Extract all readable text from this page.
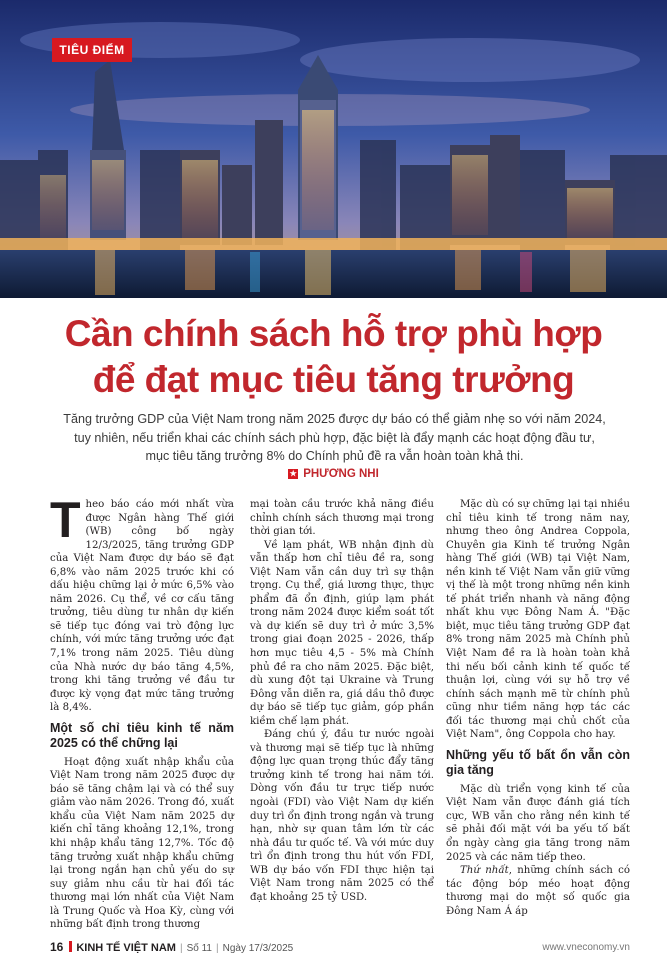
TIÊU ĐIỂM
Cần chính sách hỗ trợ phù hợp
để đạt mục tiêu tăng trưởng

Tăng trưởng GDP của Việt Nam trong năm 2025 được dự báo có thể giảm nhẹ so với năm 2024, tuy nhiên, nếu triển khai các chính sách phù hợp, đặc biệt là đẩy mạnh các hoạt động đầu tư, mục tiêu tăng trưởng 8% do Chính phủ đề ra vẫn hoàn toàn khả thi.

★ PHƯƠNG NHI

Theo báo cáo mới nhất vừa được Ngân hàng Thế giới (WB) công bố ngày 12/3/2025, tăng trưởng GDP của Việt Nam được dự báo sẽ đạt 6,8% vào năm 2025 trước khi có dấu hiệu chững lại ở mức 6,5% vào năm 2026. Cụ thể, về cơ cấu tăng trưởng, tiêu dùng tư nhân dự kiến sẽ tiếp tục đóng vai trò động lực chính, với mức tăng trưởng ước đạt 7,1% trong năm 2025. Tiêu dùng của Nhà nước dự báo tăng 4,5%, trong khi tăng trưởng về đầu tư được kỳ vọng đạt mức tăng trưởng là 8,4%.

Một số chỉ tiêu kinh tế năm 2025 có thể chững lại

Hoạt động xuất nhập khẩu của Việt Nam trong năm 2025 được dự báo sẽ tăng chậm lại và có thể suy giảm vào năm 2026. Trong đó, xuất khẩu của Việt Nam năm 2025 dự kiến chỉ tăng khoảng 12,1%, trong khi nhập khẩu tăng 12,7%. Tốc độ tăng trưởng xuất nhập khẩu chững lại trong ngắn hạn chủ yếu do sự suy giảm nhu cầu từ hai đối tác thương mại lớn nhất của Việt Nam là Trung Quốc và Hoa Kỳ, cùng với những bất định trong thương

mại toàn cầu trước khả năng điều chỉnh chính sách thương mại trong thời gian tới.

Về lạm phát, WB nhận định dù vẫn thấp hơn chỉ tiêu đề ra, song Việt Nam vẫn cần duy trì sự thận trọng. Cụ thể, giá lương thực, thực phẩm đã ổn định, giúp lạm phát trong năm 2024 được kiểm soát tốt và dự kiến sẽ duy trì ở mức 3,5% trong giai đoạn 2025 - 2026, thấp hơn mục tiêu 4,5 - 5% mà Chính phủ đề ra cho năm 2025. Đặc biệt, dù xung đột tại Ukraine và Trung Đông vẫn diễn ra, giá dầu thô được dự báo sẽ tiếp tục giảm, góp phần kiềm chế lạm phát.

Đáng chú ý, đầu tư nước ngoài và thương mại sẽ tiếp tục là những động lực quan trọng thúc đẩy tăng trưởng kinh tế trong hai năm tới. Dòng vốn đầu tư trực tiếp nước ngoài (FDI) vào Việt Nam dự kiến duy trì ổn định trong ngắn và trung hạn, nhờ sự quan tâm lớn từ các nhà đầu tư quốc tế. Và với mức duy trì ổn định trong thu hút vốn FDI, WB dự báo vốn FDI thực hiện tại Việt Nam trong năm 2025 có thể đạt khoảng 25 tỷ USD.

Mặc dù có sự chững lại tại nhiều chỉ tiêu kinh tế trong năm nay, nhưng theo ông Andrea Coppola, Chuyên gia Kinh tế trưởng Ngân hàng Thế giới (WB) tại Việt Nam, nền kinh tế Việt Nam vẫn giữ vững vị thế là một trong những nền kinh tế phát triển nhanh và năng động nhất khu vực Đông Nam Á. "Đặc biệt, mục tiêu tăng trưởng GDP đạt 8% trong năm 2025 mà Chính phủ Việt Nam đề ra là hoàn toàn khả thi nếu bối cảnh kinh tế quốc tế thuận lợi, cùng với sự hỗ trợ về chính sách mạnh mẽ từ chính phủ cũng như tiềm năng hợp tác các đối tác thương mại chủ chốt của Việt Nam", ông Coppola cho hay.

Những yếu tố bất ổn vẫn còn gia tăng

Mặc dù triển vọng kinh tế của Việt Nam vẫn được đánh giá tích cực, WB vẫn cho rằng nền kinh tế sẽ phải đối mặt với ba yếu tố bất ổn ngày càng gia tăng trong năm 2025 và các năm tiếp theo.

Thứ nhất, những chính sách có tác động bóp méo hoạt động thương mại do một số quốc gia Đông Nam Á áp

16 KINH TẾ VIỆT NAM | Số 11 | Ngày 17/3/2025	www.vneconomy.vn
